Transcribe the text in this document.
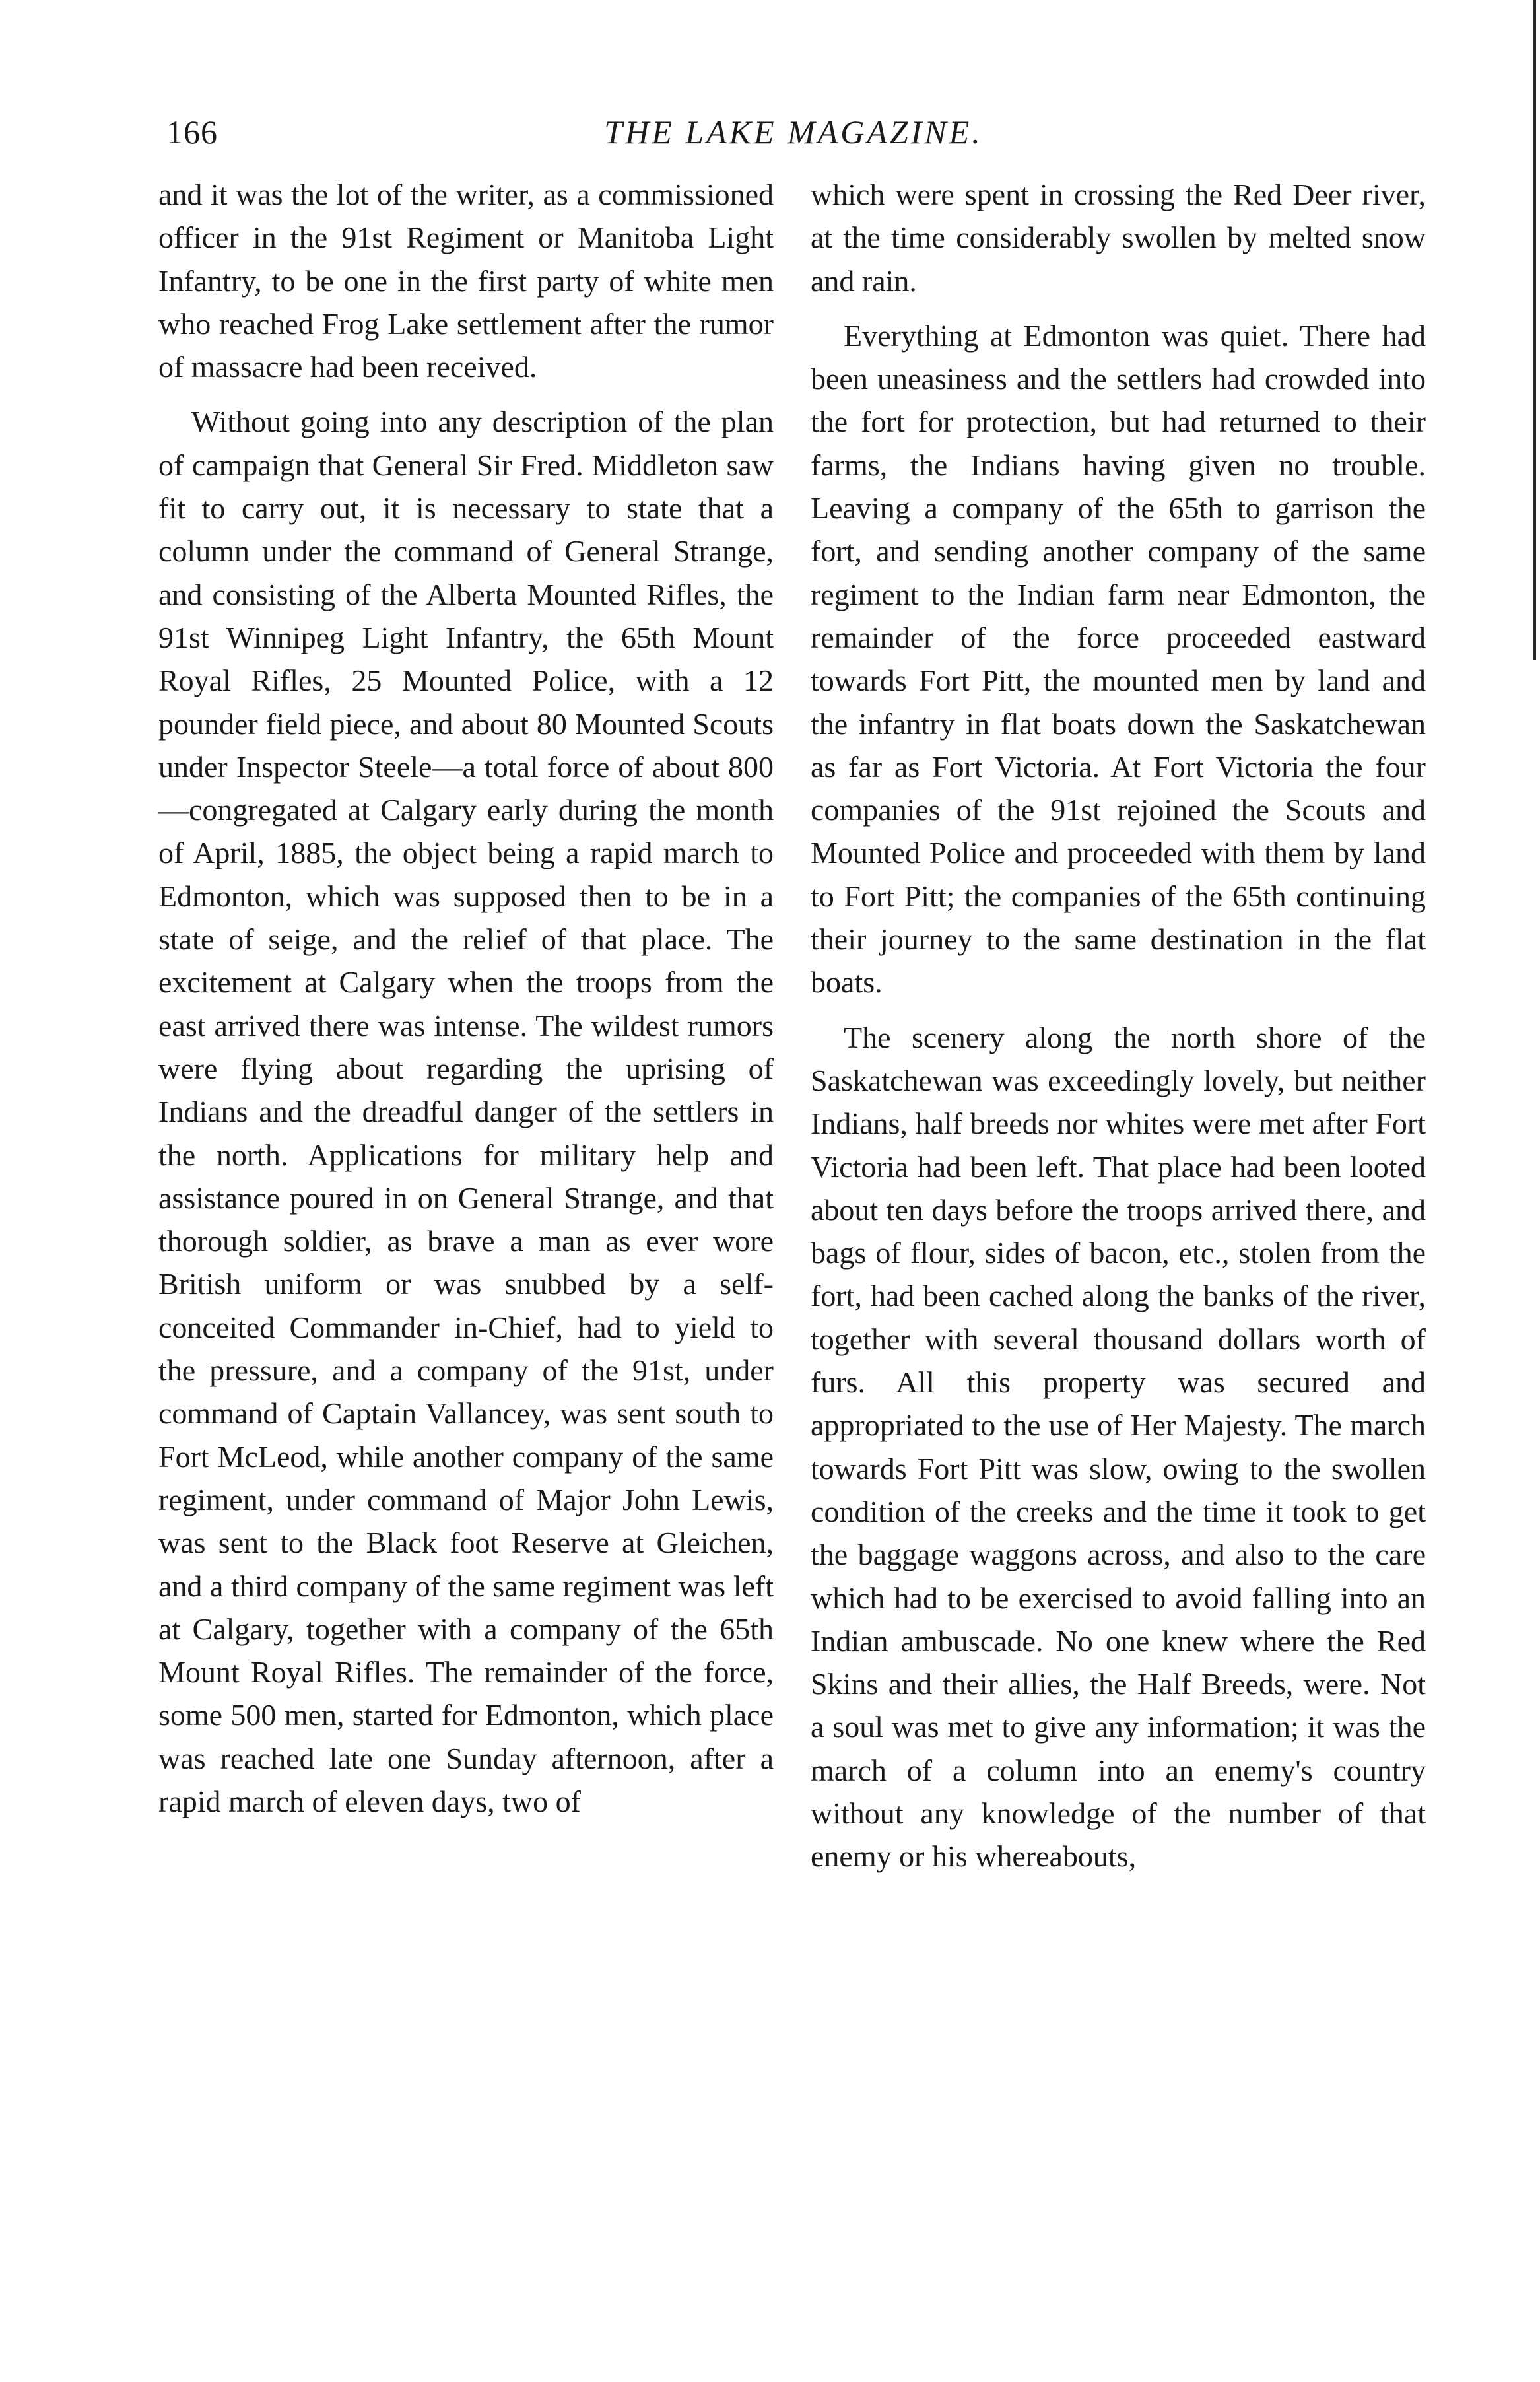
166	THE LAKE MAGAZINE.

and it was the lot of the writer, as a commissioned officer in the 91st Regiment or Manitoba Light Infantry, to be one in the first party of white men who reached Frog Lake settlement after the rumor of massacre had been received.

Without going into any description of the plan of campaign that General Sir Fred. Middleton saw fit to carry out, it is necessary to state that a column under the command of General Strange, and consisting of the Alberta Mounted Rifles, the 91st Winnipeg Light Infantry, the 65th Mount Royal Rifles, 25 Mounted Police, with a 12 pounder field piece, and about 80 Mounted Scouts under Inspector Steele—a total force of about 800—congregated at Calgary early during the month of April, 1885, the object being a rapid march to Edmonton, which was supposed then to be in a state of seige, and the relief of that place. The excitement at Calgary when the troops from the east arrived there was intense. The wildest rumors were flying about regarding the uprising of Indians and the dreadful danger of the settlers in the north. Applications for military help and assistance poured in on General Strange, and that thorough soldier, as brave a man as ever wore British uniform or was snubbed by a self-conceited Commander in-Chief, had to yield to the pressure, and a company of the 91st, under command of Captain Vallancey, was sent south to Fort McLeod, while another company of the same regiment, under command of Major John Lewis, was sent to the Black foot Reserve at Gleichen, and a third company of the same regiment was left at Calgary, together with a company of the 65th Mount Royal Rifles. The remainder of the force, some 500 men, started for Edmonton, which place was reached late one Sunday afternoon, after a rapid march of eleven days, two of

which were spent in crossing the Red Deer river, at the time considerably swollen by melted snow and rain.

Everything at Edmonton was quiet. There had been uneasiness and the settlers had crowded into the fort for protection, but had returned to their farms, the Indians having given no trouble. Leaving a company of the 65th to garrison the fort, and sending another company of the same regiment to the Indian farm near Edmonton, the remainder of the force proceeded eastward towards Fort Pitt, the mounted men by land and the infantry in flat boats down the Saskatchewan as far as Fort Victoria. At Fort Victoria the four companies of the 91st rejoined the Scouts and Mounted Police and proceeded with them by land to Fort Pitt; the companies of the 65th continuing their journey to the same destination in the flat boats.

The scenery along the north shore of the Saskatchewan was exceedingly lovely, but neither Indians, half breeds nor whites were met after Fort Victoria had been left. That place had been looted about ten days before the troops arrived there, and bags of flour, sides of bacon, etc., stolen from the fort, had been cached along the banks of the river, together with several thousand dollars worth of furs. All this property was secured and appropriated to the use of Her Majesty. The march towards Fort Pitt was slow, owing to the swollen condition of the creeks and the time it took to get the baggage waggons across, and also to the care which had to be exercised to avoid falling into an Indian ambuscade. No one knew where the Red Skins and their allies, the Half Breeds, were. Not a soul was met to give any information; it was the march of a column into an enemy's country without any knowledge of the number of that enemy or his whereabouts,
